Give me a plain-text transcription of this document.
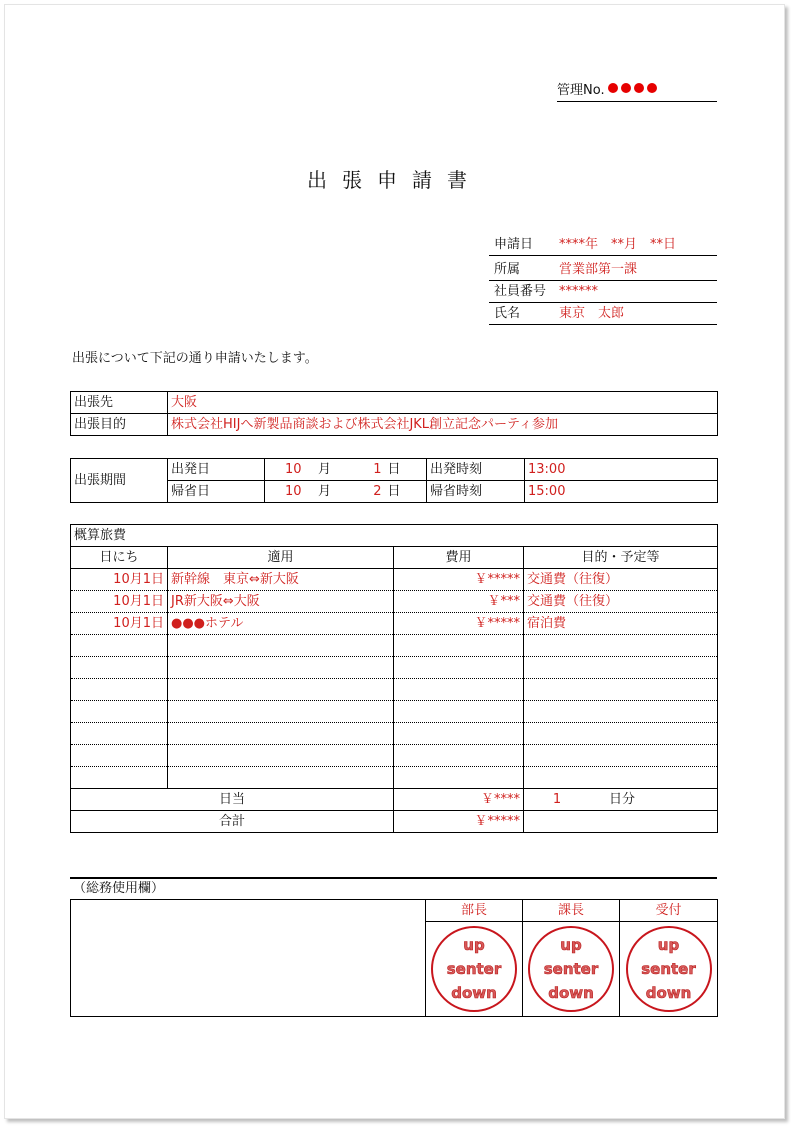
管理No.
出張申請書
申請日 ****年　**月　**日
所属	営業部第一課
社員番号 ******
氏名	東京　太郎
出張について下記の通り申請いたします。
出張先	大阪
出張目的	株式会社HIJへ新製品商談および株式会社JKL創立記念パーティ参加
出張期間	出発日	10	月	1	日	出発時刻	13:00
	帰省日	10	月	2	日	帰省時刻	15:00
概算旅費			
日にち	適用	費用	目的・予定等
10月1日	新幹線　東京⇔新大阪	￥*****	交通費（往復）
10月1日	JR新大阪⇔大阪	￥***	交通費（往復）
10月1日	●●●ホテル	￥*****	宿泊費

日当		￥****	1 日分
合計		￥*****	
（総務使用欄）
	部長	課長	受付

	up
senter
down	up
senter
down	up
senter
down
